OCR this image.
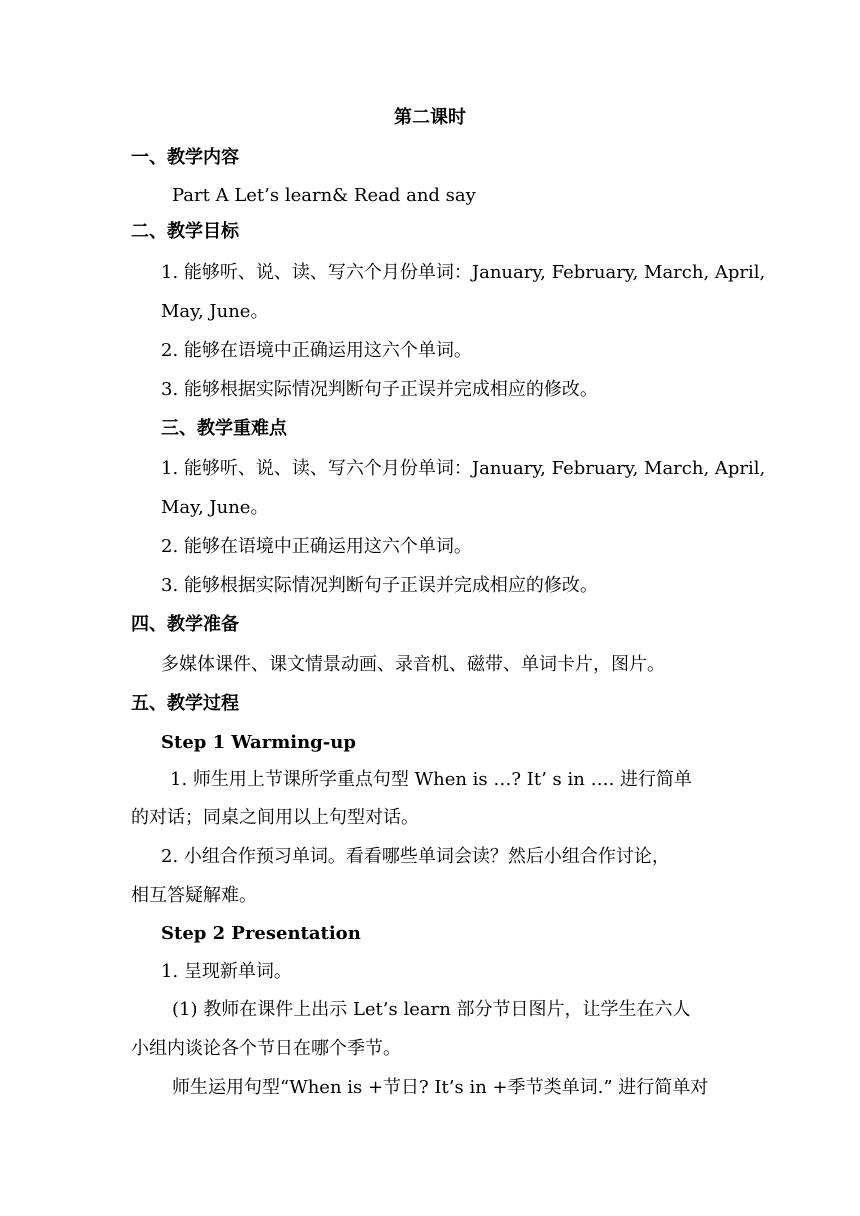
第二课时
一、教学内容
Part A Let’s learn& Read and say
二、教学目标
1. 能够听、说、读、写六个月份单词：January, February, March, April,
May, June。
2. 能够在语境中正确运用这六个单词。
3. 能够根据实际情况判断句子正误并完成相应的修改。
三、教学重难点
1. 能够听、说、读、写六个月份单词：January, February, March, April,
May, June。
2. 能够在语境中正确运用这六个单词。
3. 能够根据实际情况判断句子正误并完成相应的修改。
四、教学准备
多媒体课件、课文情景动画、录音机、磁带、单词卡片，图片。
五、教学过程
Step 1 Warming-up
1. 师生用上节课所学重点句型 When is …? It’ s in …. 进行简单
的对话；同桌之间用以上句型对话。
2. 小组合作预习单词。看看哪些单词会读？然后小组合作讨论，
相互答疑解难。
Step 2 Presentation
1. 呈现新单词。
(1) 教师在课件上出示 Let’s learn 部分节日图片，让学生在六人
小组内谈论各个节日在哪个季节。
师生运用句型“When is +节日? It’s in +季节类单词.” 进行简单对
